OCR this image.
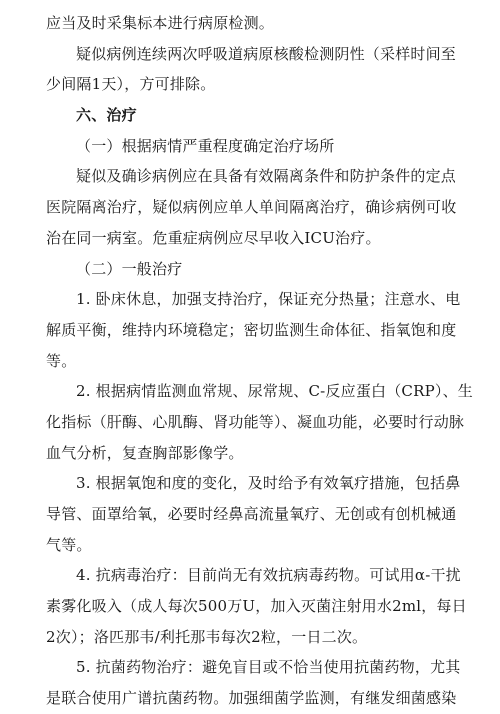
应当及时采集标本进行病原检测。
疑似病例连续两次呼吸道病原核酸检测阴性（采样时间至
少间隔1天），方可排除。
六、治疗
（一）根据病情严重程度确定治疗场所
疑似及确诊病例应在具备有效隔离条件和防护条件的定点
医院隔离治疗，疑似病例应单人单间隔离治疗，确诊病例可收
治在同一病室。危重症病例应尽早收入ICU治疗。
（二）一般治疗
1. 卧床休息，加强支持治疗，保证充分热量；注意水、电
解质平衡，维持内环境稳定；密切监测生命体征、指氧饱和度
等。
2. 根据病情监测血常规、尿常规、C-反应蛋白（CRP）、生
化指标（肝酶、心肌酶、肾功能等）、凝血功能，必要时行动脉
血气分析，复查胸部影像学。
3. 根据氧饱和度的变化，及时给予有效氧疗措施，包括鼻
导管、面罩给氧，必要时经鼻高流量氧疗、无创或有创机械通
气等。
4. 抗病毒治疗：目前尚无有效抗病毒药物。可试用α-干扰
素雾化吸入（成人每次500万U，加入灭菌注射用水2ml，每日
2次）；洛匹那韦/利托那韦每次2粒，一日二次。
5. 抗菌药物治疗：避免盲目或不恰当使用抗菌药物，尤其
是联合使用广谱抗菌药物。加强细菌学监测，有继发细菌感染
